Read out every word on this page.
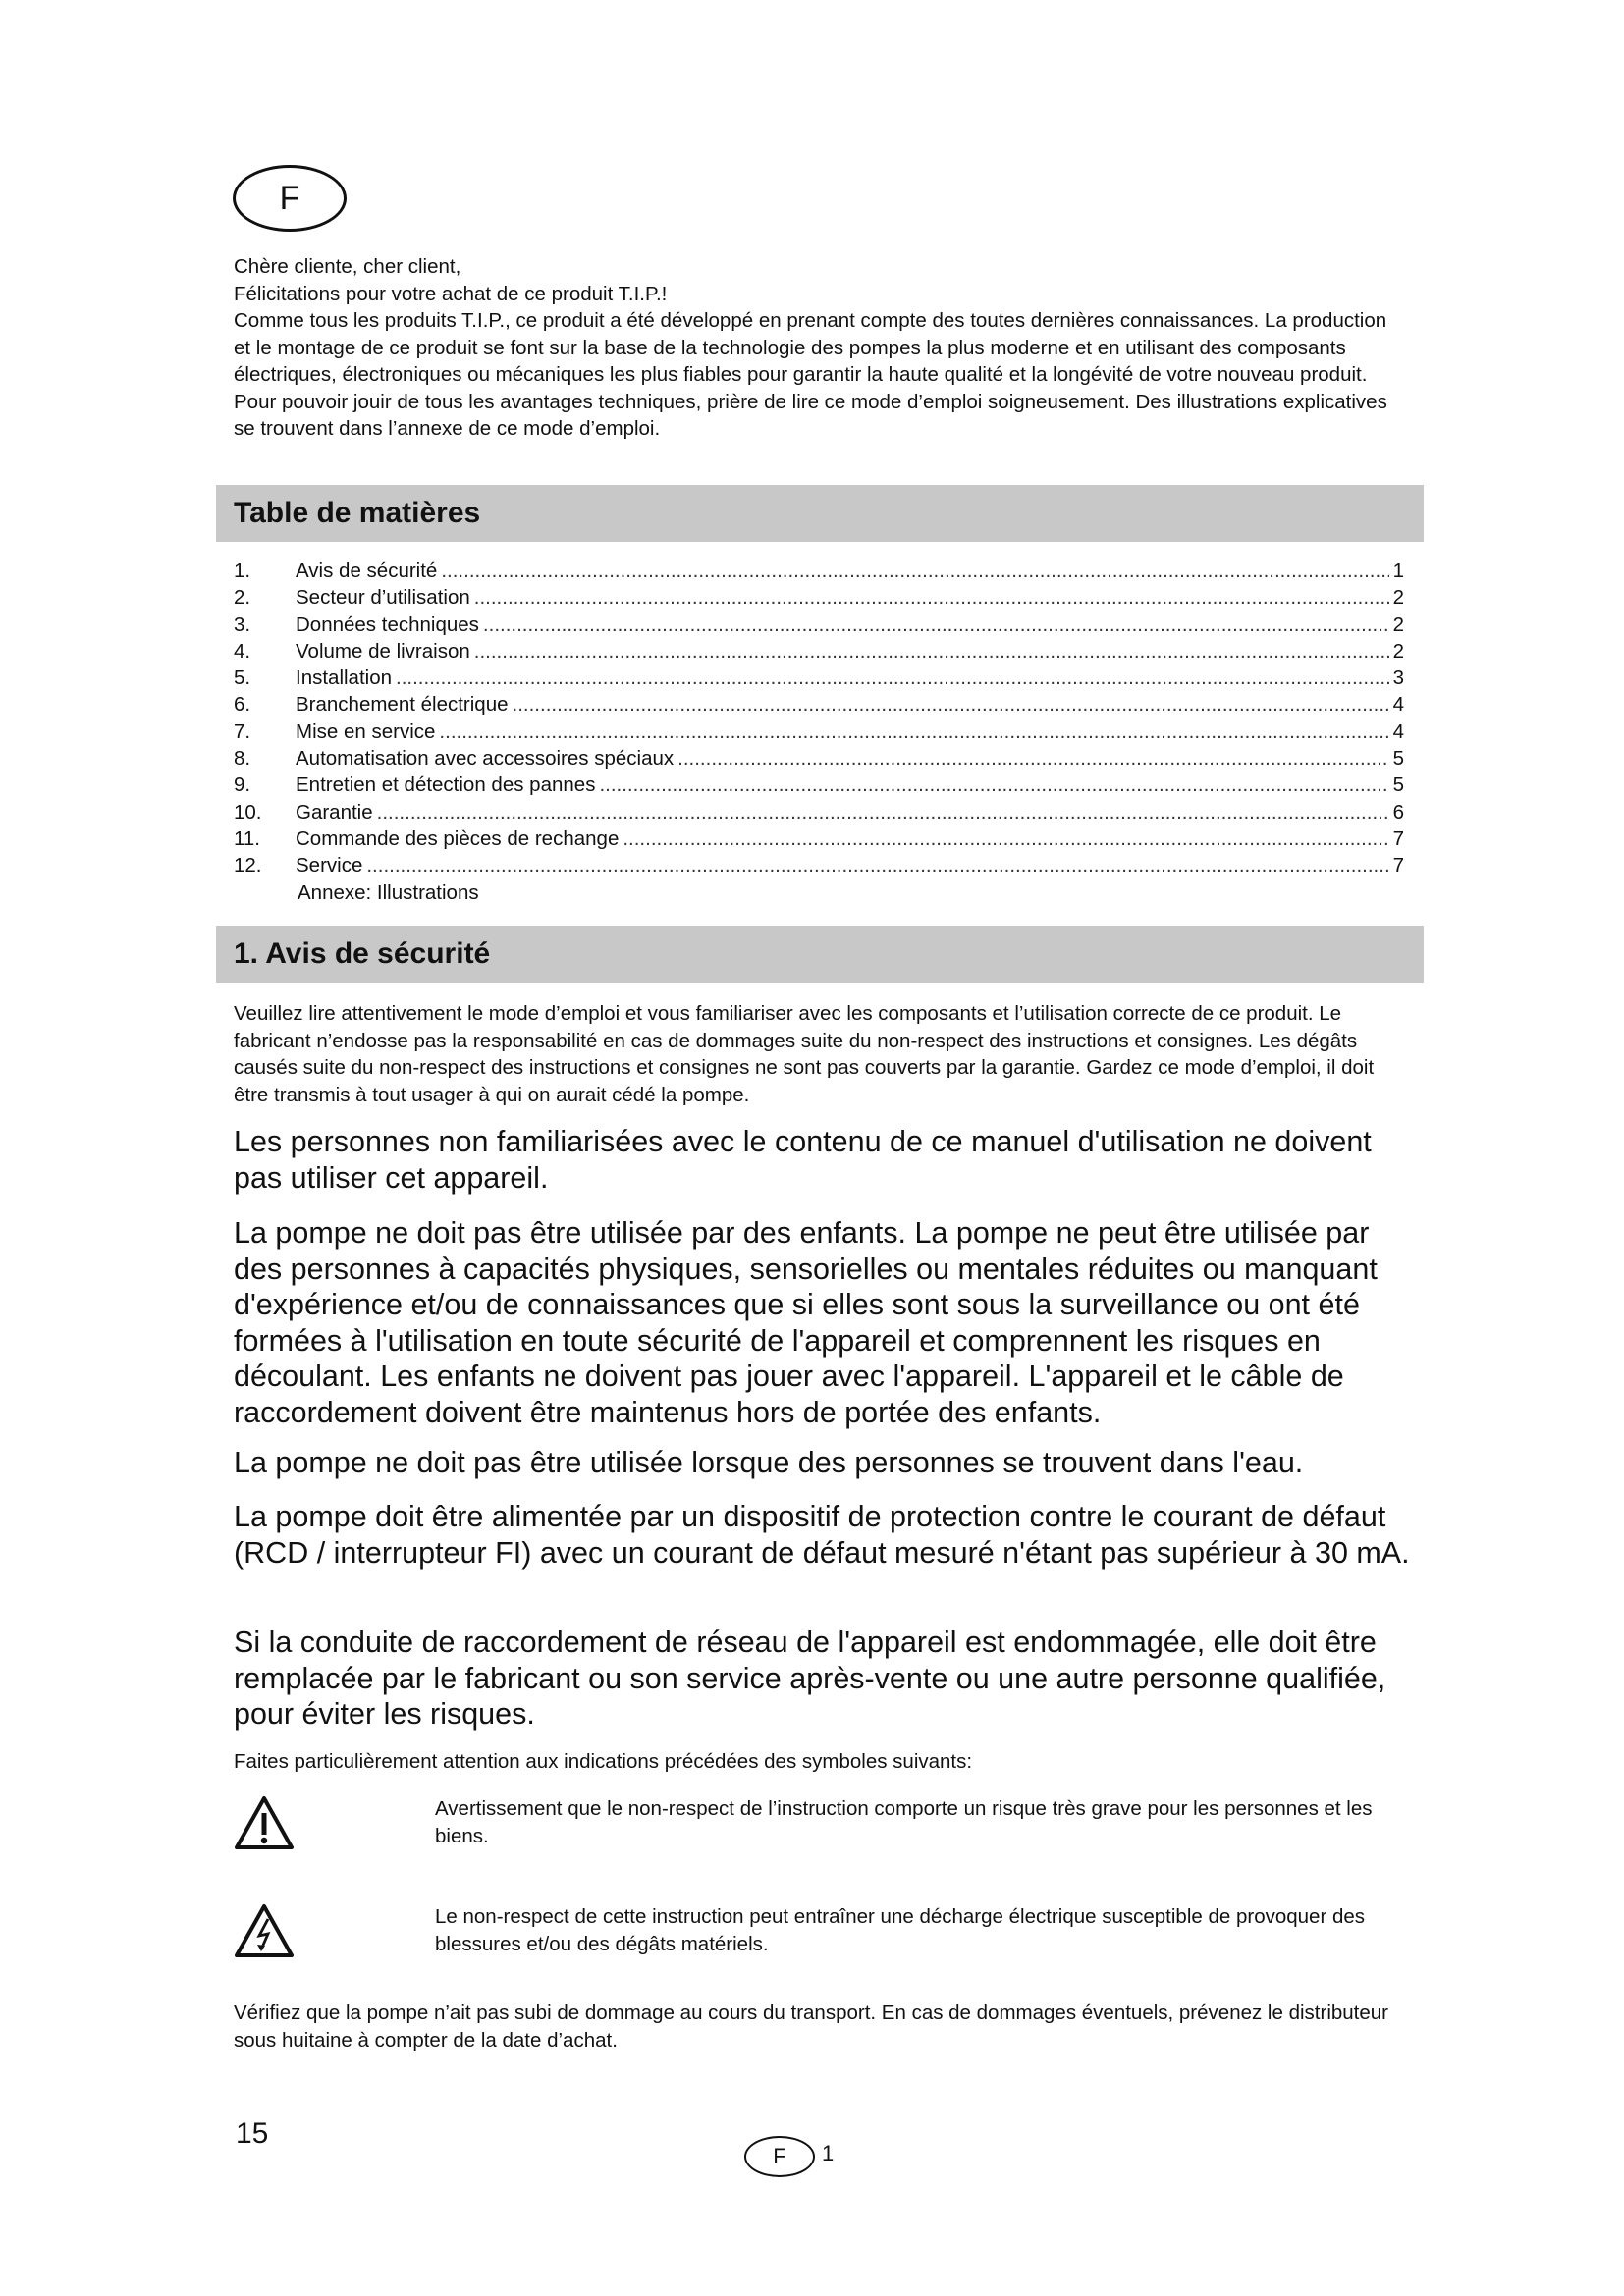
F

Chère cliente, cher client,

Félicitations pour votre achat de ce produit T.I.P.!

Comme tous les produits T.I.P., ce produit a été développé en prenant compte des toutes dernières connaissances. La production et le montage de ce produit se font sur la base de la technologie des pompes la plus moderne et en utilisant des composants électriques, électroniques ou mécaniques les plus fiables pour garantir la haute qualité et la longévité de votre nouveau produit.

Pour pouvoir jouir de tous les avantages techniques, prière de lire ce mode d’emploi soigneusement. Des illustrations explicatives se trouvent dans l’annexe de ce mode d’emploi.

Table de matières
1.	Avis de sécurité .....	1
2.	Secteur d’utilisation .....	2
3.	Données techniques .....	2
4.	Volume de livraison .....	2
5.	Installation .....	3
6.	Branchement électrique .....	4
7.	Mise en service .....	4
8.	Automatisation avec accessoires spéciaux .....	5
9.	Entretien et détection des pannes .....	5
10.	Garantie .....	6
11.	Commande des pièces de rechange .....	7
12.	Service .....	7
Annexe: Illustrations
1. Avis de sécurité

Veuillez lire attentivement le mode d’emploi et vous familiariser avec les composants et l’utilisation correcte de ce produit. Le fabricant n’endosse pas la responsabilité en cas de dommages suite du non-respect des instructions et consignes. Les dégâts causés suite du non-respect des instructions et consignes ne sont pas couverts par la garantie. Gardez ce mode d’emploi, il doit être transmis à tout usager à qui on aurait cédé la pompe.

Les personnes non familiarisées avec le contenu de ce manuel d'utilisation ne doivent pas utiliser cet appareil.

La pompe ne doit pas être utilisée par des enfants. La pompe ne peut être utilisée par des personnes à capacités physiques, sensorielles ou mentales réduites ou manquant d'expérience et/ou de connaissances que si elles sont sous la surveillance ou ont été formées à l'utilisation en toute sécurité de l'appareil et comprennent les risques en découlant. Les enfants ne doivent pas jouer avec l'appareil. L'appareil et le câble de raccordement doivent être maintenus hors de portée des enfants.

La pompe ne doit pas être utilisée lorsque des personnes se trouvent dans l'eau.

La pompe doit être alimentée par un dispositif de protection contre le courant de défaut (RCD / interrupteur FI) avec un courant de défaut mesuré n'étant pas supérieur à 30 mA.

Si la conduite de raccordement de réseau de l'appareil est endommagée, elle doit être remplacée par le fabricant ou son service après-vente ou une autre personne qualifiée, pour éviter les risques.

Faites particulièrement attention aux indications précédées des symboles suivants:

Avertissement que le non-respect de l’instruction comporte un risque très grave pour les personnes et les biens.

Le non-respect de cette instruction peut entraîner une décharge électrique susceptible de provoquer des blessures et/ou des dégâts matériels.

Vérifiez que la pompe n’ait pas subi de dommage au cours du transport. En cas de dommages éventuels, prévenez le distributeur sous huitaine à compter de la date d’achat.

15
F	1
